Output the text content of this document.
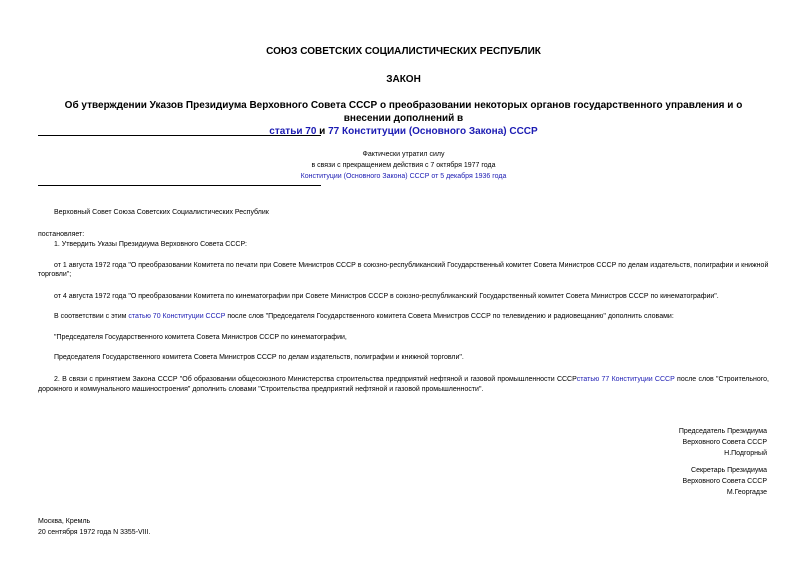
СОЮЗ СОВЕТСКИХ СОЦИАЛИСТИЧЕСКИХ РЕСПУБЛИК
ЗАКОН
Об утверждении Указов Президиума Верховного Совета СССР о преобразовании некоторых органов государственного управления и о внесении дополнений в
статьи 70 и 77 Конституции (Основного Закона) СССР
Фактически утратил силу
в связи с прекращением действия с 7 октября 1977 года
Конституции (Основного Закона) СССР от 5 декабря 1936 года
Верховный Совет Союза Советских Социалистических Республик
постановляет:
1. Утвердить Указы Президиума Верховного Совета СССР:
от 1 августа 1972 года "О преобразовании Комитета по печати при Совете Министров СССР в союзно-республиканский Государственный комитет Совета Министров СССР по делам издательств, полиграфии и книжной торговли";
от 4 августа 1972 года "О преобразовании Комитета по кинематографии при Совете Министров СССР в союзно-республиканский Государственный комитет Совета Министров СССР по кинематографии".
В соответствии с этим статью 70 Конституции СССР после слов "Председателя Государственного комитета Совета Министров СССР по телевидению и радиовещанию" дополнить словами:
"Председателя Государственного комитета Совета Министров СССР по кинематографии,
Председателя Государственного комитета Совета Министров СССР по делам издательств, полиграфии и книжной торговли".
2. В связи с принятием Закона СССР "Об образовании общесоюзного Министерства строительства предприятий нефтяной и газовой промышленности СССРстатью 77 Конституции СССР после слов "Строительного, дорожного и коммунального машиностроения" дополнить словами "Строительства предприятий нефтяной и газовой промышленности".
Председатель Президиума
Верховного Совета СССР
Н.Подгорный
Секретарь Президиума
Верховного Совета СССР
М.Георгадзе
Москва, Кремль
20 сентября 1972 года N 3355-VIII.
